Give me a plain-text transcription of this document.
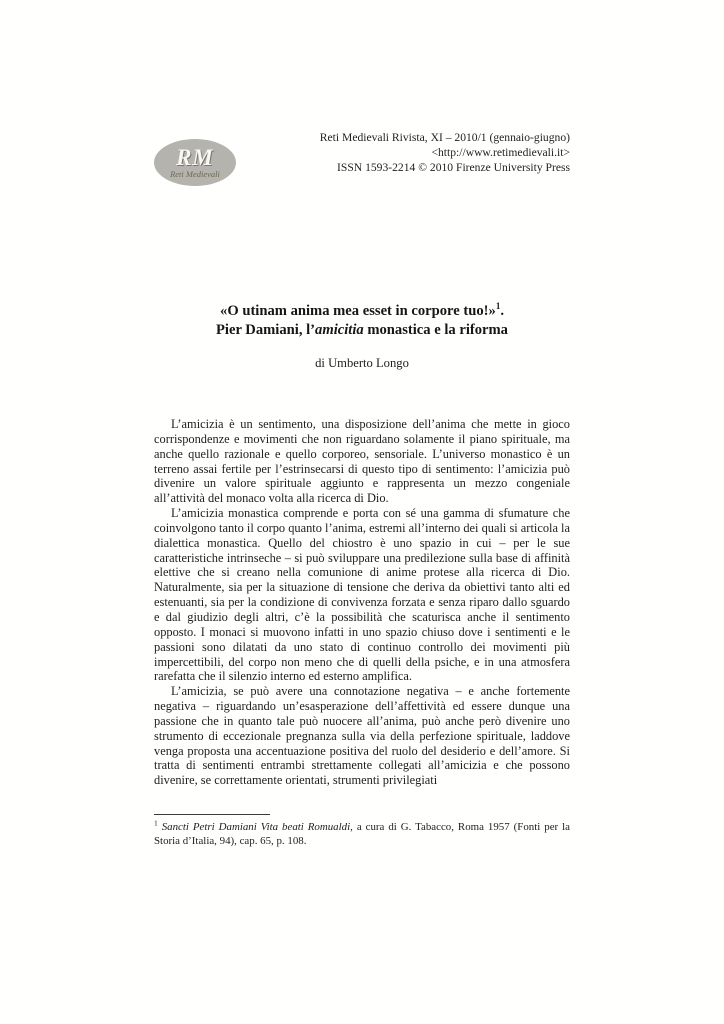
RM
Reti Medievali
Reti Medievali Rivista, XI – 2010/1 (gennaio-giugno)
<http://www.retimedievali.it>
ISSN 1593-2214 © 2010 Firenze University Press
«O utinam anima mea esset in corpore tuo!»$^1$.
Pier Damiani, l’amicitia monastica e la riforma
di Umberto Longo

L’amicizia è un sentimento, una disposizione dell’anima che mette in gioco corrispondenze e movimenti che non riguardano solamente il piano spirituale, ma anche quello razionale e quello corporeo, sensoriale. L’universo monastico è un terreno assai fertile per l’estrinsecarsi di questo tipo di sentimento: l’amicizia può divenire un valore spirituale aggiunto e rappresenta un mezzo congeniale all’attività del monaco volta alla ricerca di Dio.

L’amicizia monastica comprende e porta con sé una gamma di sfumature che coinvolgono tanto il corpo quanto l’anima, estremi all’interno dei quali si articola la dialettica monastica. Quello del chiostro è uno spazio in cui – per le sue caratteristiche intrinseche – si può sviluppare una predilezione sulla base di affinità elettive che si creano nella comunione di anime protese alla ricerca di Dio. Naturalmente, sia per la situazione di tensione che deriva da obiettivi tanto alti ed estenuanti, sia per la condizione di convivenza forzata e senza riparo dallo sguardo e dal giudizio degli altri, c’è la possibilità che scaturisca anche il sentimento opposto. I monaci si muovono infatti in uno spazio chiuso dove i sentimenti e le passioni sono dilatati da uno stato di continuo controllo dei movimenti più impercettibili, del corpo non meno che di quelli della psiche, e in una atmosfera rarefatta che il silenzio interno ed esterno amplifica.

L’amicizia, se può avere una connotazione negativa – e anche fortemente negativa – riguardando un’esasperazione dell’affettività ed essere dunque una passione che in quanto tale può nuocere all’anima, può anche però divenire uno strumento di eccezionale pregnanza sulla via della perfezione spirituale, laddove venga proposta una accentuazione positiva del ruolo del desiderio e dell’amore. Si tratta di sentimenti entrambi strettamente collegati all’amicizia e che possono divenire, se correttamente orientati, strumenti privilegiati

$^1$ Sancti Petri Damiani Vita beati Romualdi, a cura di G. Tabacco, Roma 1957 (Fonti per la Storia d’Italia, 94), cap. 65, p. 108.
